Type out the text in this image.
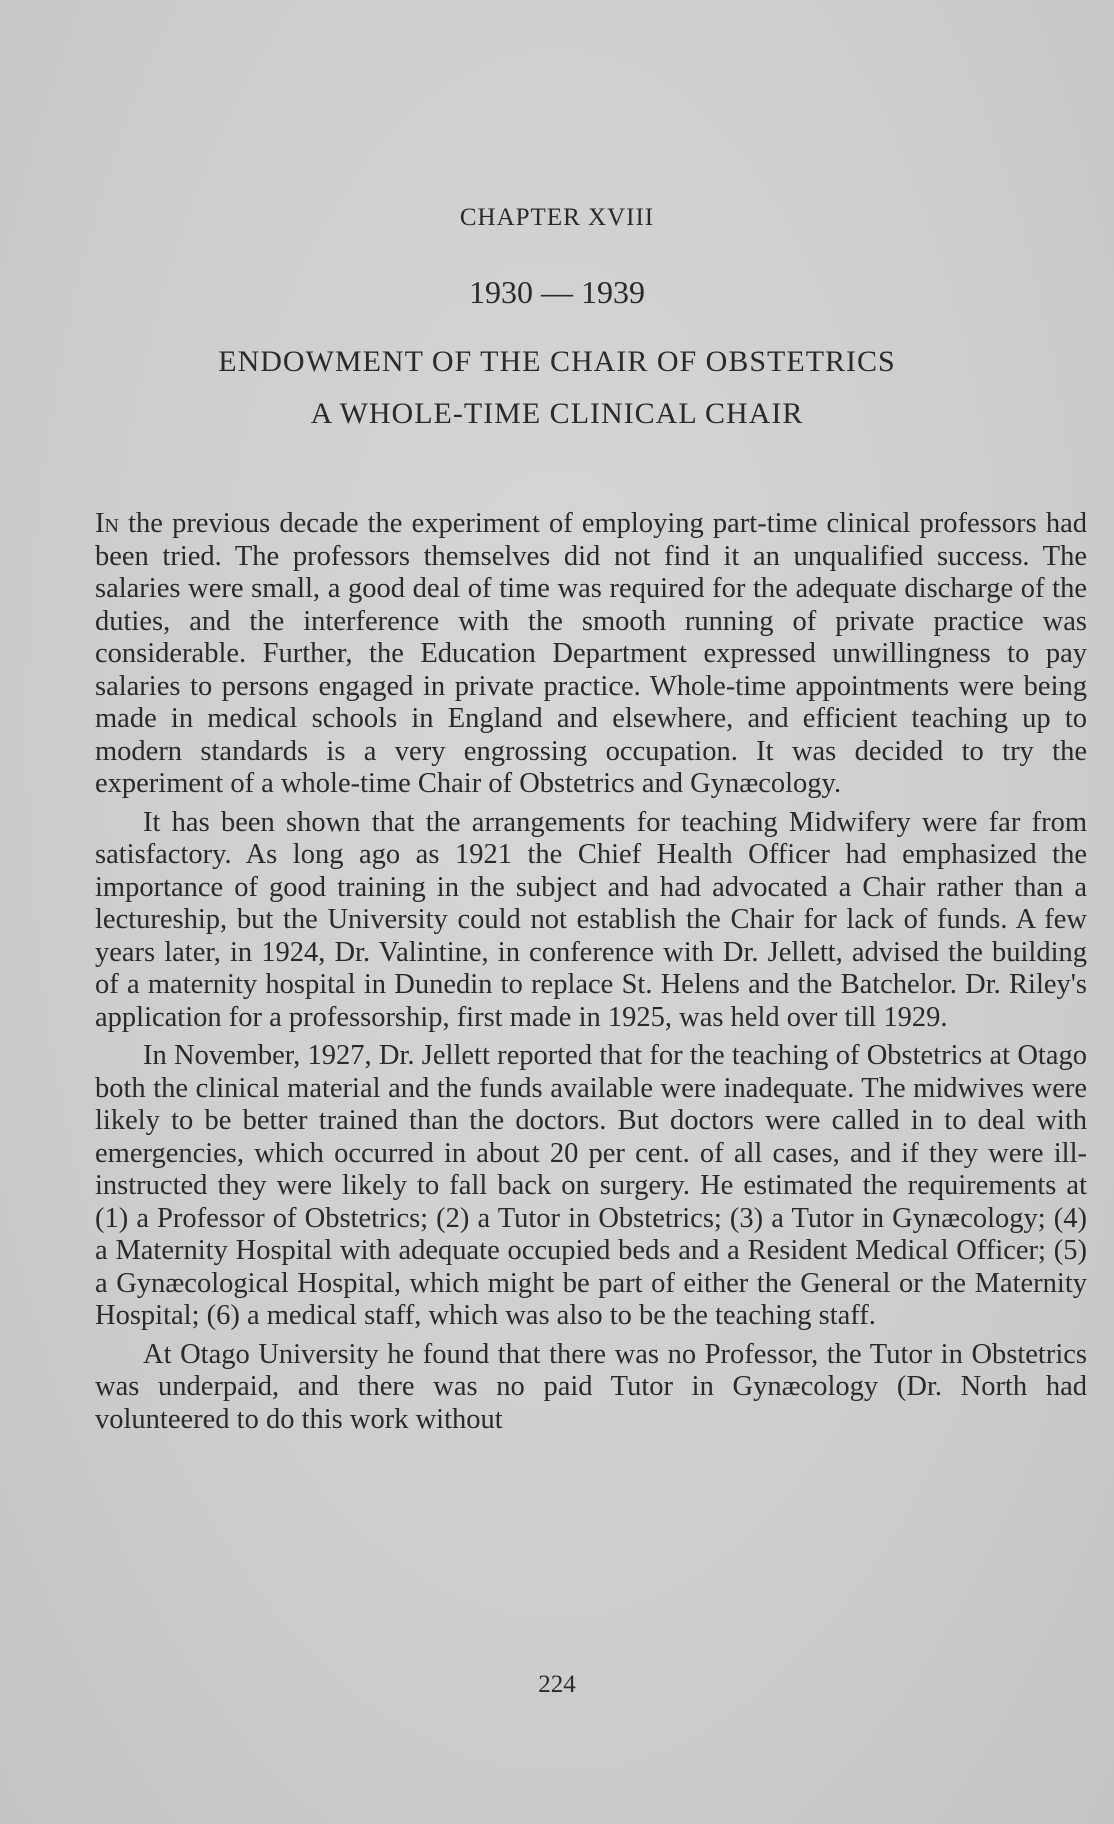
CHAPTER XVIII
1930 — 1939
ENDOWMENT OF THE CHAIR OF OBSTETRICS
A WHOLE-TIME CLINICAL CHAIR

In the previous decade the experiment of employing part-time clinical professors had been tried. The professors themselves did not find it an unqualified success. The salaries were small, a good deal of time was required for the adequate discharge of the duties, and the interference with the smooth running of private practice was considerable. Further, the Education Department expressed unwillingness to pay salaries to persons engaged in private practice. Whole-time appointments were being made in medical schools in England and elsewhere, and efficient teaching up to modern standards is a very engrossing occupation. It was decided to try the experiment of a whole-time Chair of Obstetrics and Gynæcology.

It has been shown that the arrangements for teaching Midwifery were far from satisfactory. As long ago as 1921 the Chief Health Officer had emphasized the importance of good training in the subject and had advocated a Chair rather than a lectureship, but the University could not establish the Chair for lack of funds. A few years later, in 1924, Dr. Valintine, in conference with Dr. Jellett, advised the building of a maternity hospital in Dunedin to replace St. Helens and the Batchelor. Dr. Riley's application for a professorship, first made in 1925, was held over till 1929.

In November, 1927, Dr. Jellett reported that for the teaching of Obstetrics at Otago both the clinical material and the funds available were inadequate. The midwives were likely to be better trained than the doctors. But doctors were called in to deal with emergencies, which occurred in about 20 per cent. of all cases, and if they were ill-instructed they were likely to fall back on surgery. He estimated the requirements at (1) a Professor of Obstetrics; (2) a Tutor in Obstetrics; (3) a Tutor in Gynæcology; (4) a Maternity Hospital with adequate occupied beds and a Resident Medical Officer; (5) a Gynæcological Hospital, which might be part of either the General or the Maternity Hospital; (6) a medical staff, which was also to be the teaching staff.

At Otago University he found that there was no Professor, the Tutor in Obstetrics was underpaid, and there was no paid Tutor in Gynæcology (Dr. North had volunteered to do this work without

224
